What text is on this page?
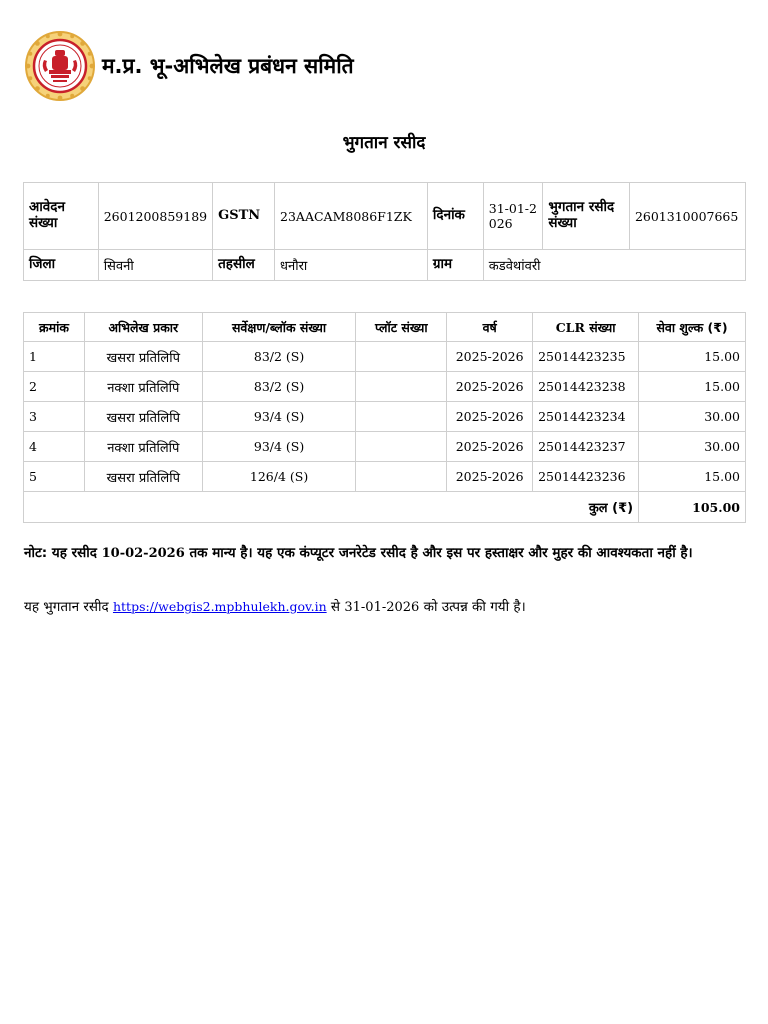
म.प्र. भू-अभिलेख प्रबंधन समिति
भुगतान रसीद
आवेदन संख्या	2601200859189	GSTN	23AACAM8086F1ZK	दिनांक	31-01-2026	भुगतान रसीद संख्या	2601310007665
जिला	सिवनी	तहसील	धनौरा	ग्राम	कडवेथांवरी		
क्रमांक	अभिलेख प्रकार	सर्वेक्षण/ब्लॉक संख्या	प्लॉट संख्या	वर्ष	CLR संख्या	सेवा शुल्क (₹)
1	खसरा प्रतिलिपि	83/2 (S)		2025-2026	25014423235	15.00
2	नक्शा प्रतिलिपि	83/2 (S)		2025-2026	25014423238	15.00
3	खसरा प्रतिलिपि	93/4 (S)		2025-2026	25014423234	30.00
4	नक्शा प्रतिलिपि	93/4 (S)		2025-2026	25014423237	30.00
5	खसरा प्रतिलिपि	126/4 (S)		2025-2026	25014423236	15.00
कुल (₹)						105.00
नोट: यह रसीद 10-02-2026 तक मान्य है। यह एक कंप्यूटर जनरेटेड रसीद है और इस पर हस्ताक्षर और मुहर की आवश्यकता नहीं है।
यह भुगतान रसीद https://webgis2.mpbhulekh.gov.in से 31-01-2026 को उत्पन्न की गयी है।
